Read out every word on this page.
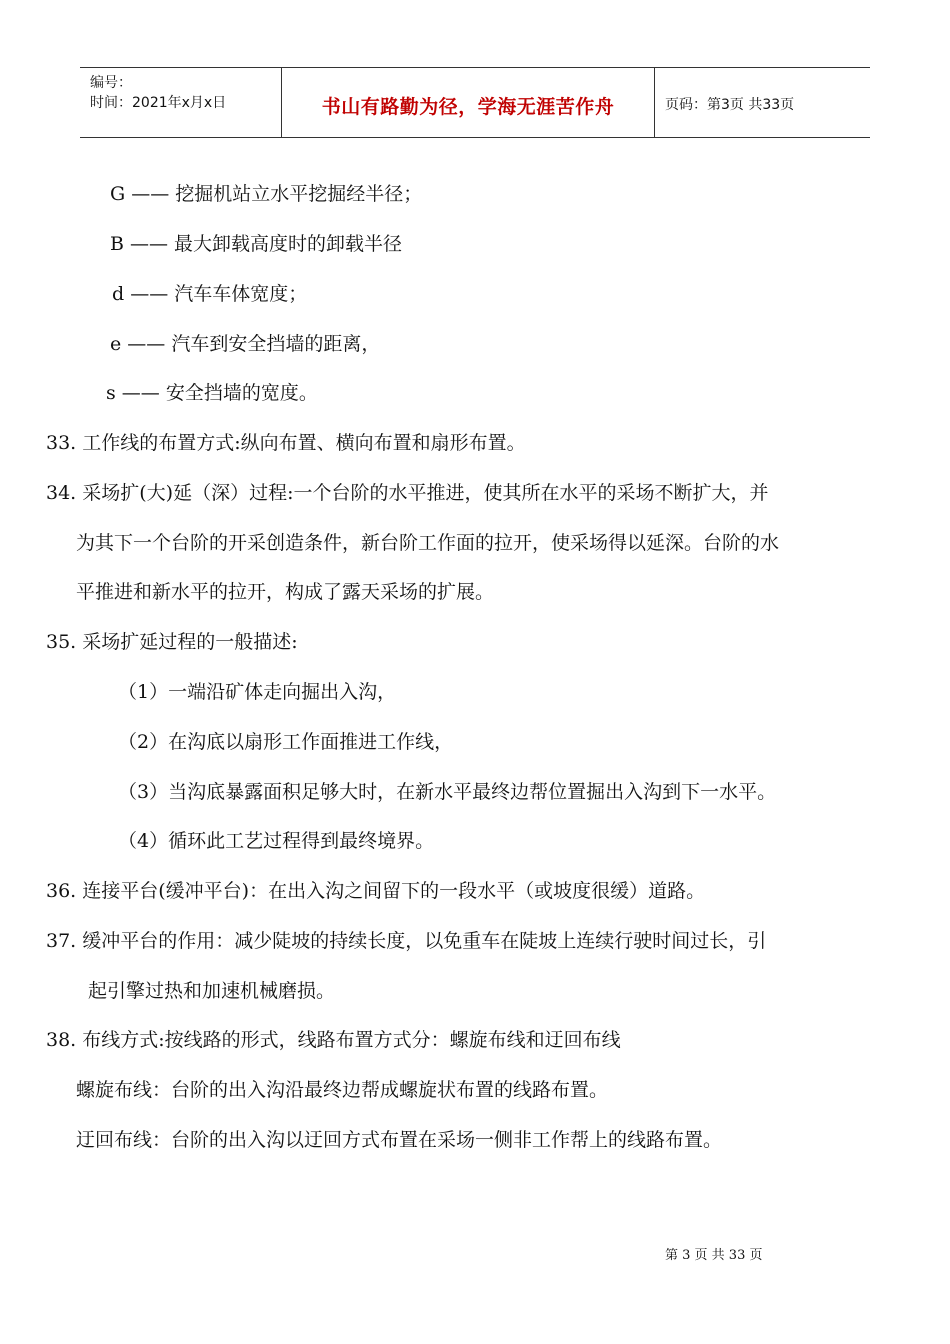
编号：
时间：2021年x月x日	书山有路勤为径，学海无涯苦作舟	页码：第3页 共33页
G —— 挖掘机站立水平挖掘经半径；
B —— 最大卸载高度时的卸载半径
d —— 汽车车体宽度；
e —— 汽车到安全挡墙的距离，
s —— 安全挡墙的宽度。
33. 工作线的布置方式:纵向布置、横向布置和扇形布置。
34. 采场扩(大)延（深）过程:一个台阶的水平推进，使其所在水平的采场不断扩大，并
为其下一个台阶的开采创造条件，新台阶工作面的拉开，使采场得以延深。台阶的水
平推进和新水平的拉开，构成了露天采场的扩展。
35. 采场扩延过程的一般描述:
（1）一端沿矿体走向掘出入沟，
（2）在沟底以扇形工作面推进工作线，
（3）当沟底暴露面积足够大时，在新水平最终边帮位置掘出入沟到下一水平。
（4）循环此工艺过程得到最终境界。
36. 连接平台(缓冲平台)：在出入沟之间留下的一段水平（或坡度很缓）道路。
37. 缓冲平台的作用：减少陡坡的持续长度，以免重车在陡坡上连续行驶时间过长，引
起引擎过热和加速机械磨损。
38. 布线方式:按线路的形式，线路布置方式分：螺旋布线和迂回布线
螺旋布线：台阶的出入沟沿最终边帮成螺旋状布置的线路布置。
迂回布线：台阶的出入沟以迂回方式布置在采场一侧非工作帮上的线路布置。
第 3 页 共 33 页
